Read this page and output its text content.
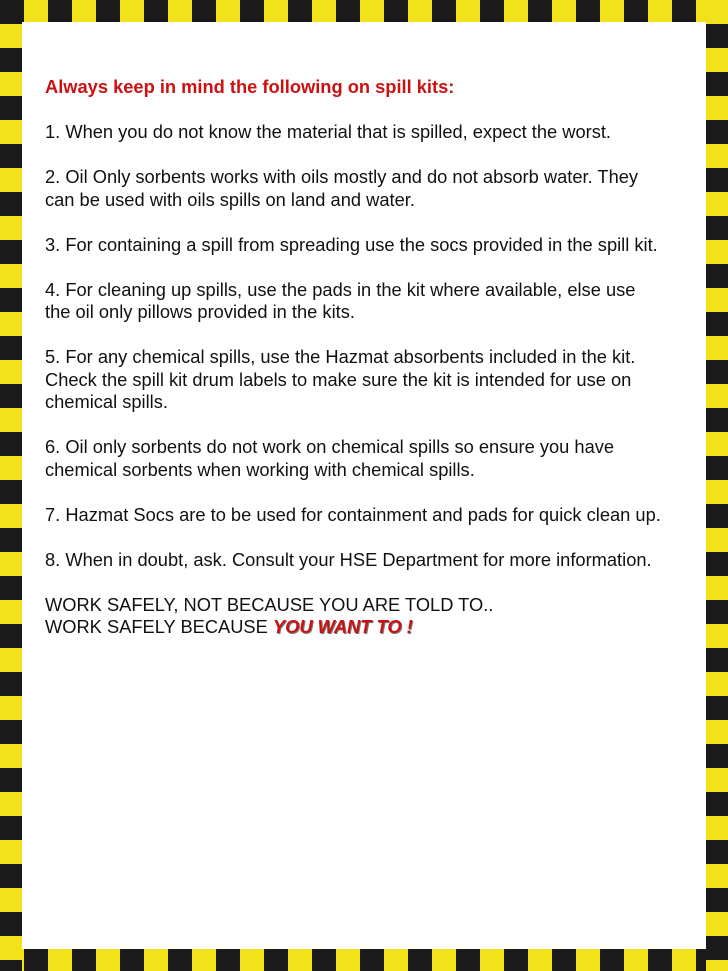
Always keep in mind the following on spill kits:

1. When you do not know the material that is spilled, expect the worst.

2. Oil Only sorbents works with oils mostly and do not absorb water. They can be used with oils spills on land and water.

3. For containing a spill from spreading use the socs provided in the spill kit.

4. For cleaning up spills, use the pads in the kit where available, else use the oil only pillows provided in the kits.

5. For any chemical spills, use the Hazmat absorbents included in the kit. Check the spill kit drum labels to make sure the kit is intended for use on chemical spills.

6. Oil only sorbents do not work on chemical spills so ensure you have chemical sorbents when working with chemical spills.

7. Hazmat Socs are to be used for containment and pads for quick clean up.

8. When in doubt, ask. Consult your HSE Department for more information.

WORK SAFELY, NOT BECAUSE YOU ARE TOLD TO..
WORK SAFELY BECAUSE YOU WANT TO !
